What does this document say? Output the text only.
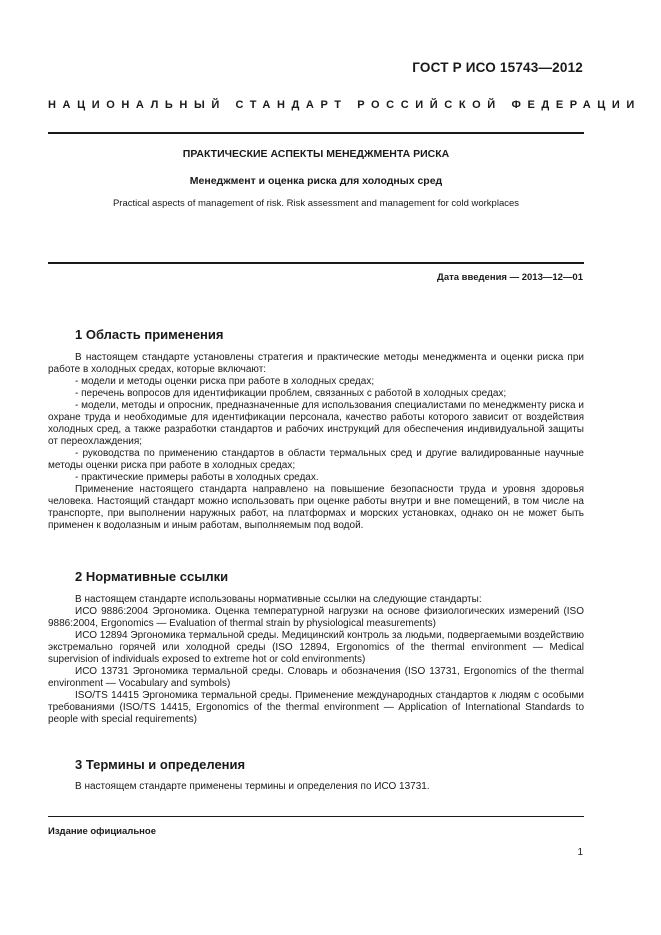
ГОСТ Р ИСО 15743—2012
НАЦИОНАЛЬНЫЙ СТАНДАРТ РОССИЙСКОЙ ФЕДЕРАЦИИ
ПРАКТИЧЕСКИЕ АСПЕКТЫ МЕНЕДЖМЕНТА РИСКА
Менеджмент и оценка риска для холодных сред
Practical aspects of management of risk. Risk assessment and management for cold workplaces
Дата введения — 2013—12—01
1 Область применения

В настоящем стандарте установлены стратегия и практические методы менеджмента и оценки риска при работе в холодных средах, которые включают:

- модели и методы оценки риска при работе в холодных средах;

- перечень вопросов для идентификации проблем, связанных с работой в холодных средах;

- модели, методы и опросник, предназначенные для использования специалистами по менеджменту риска и охране труда и необходимые для идентификации персонала, качество работы которого зависит от воздействия холодных сред, а также разработки стандартов и рабочих инструкций для обеспечения индивидуальной защиты от переохлаждения;

- руководства по применению стандартов в области термальных сред и другие валидированные научные методы оценки риска при работе в холодных средах;

- практические примеры работы в холодных средах.

Применение настоящего стандарта направлено на повышение безопасности труда и уровня здоровья человека. Настоящий стандарт можно использовать при оценке работы внутри и вне помещений, в том числе на транспорте, при выполнении наружных работ, на платформах и морских установках, однако он не может быть применен к водолазным и иным работам, выполняемым под водой.

2 Нормативные ссылки

В настоящем стандарте использованы нормативные ссылки на следующие стандарты:

ИСО 9886:2004 Эргономика. Оценка температурной нагрузки на основе физиологических измерений (ISO 9886:2004, Ergonomics — Evaluation of thermal strain by physiological measurements)

ИСО 12894 Эргономика термальной среды. Медицинский контроль за людьми, подвергаемыми воздействию экстремально горячей или холодной среды (ISO 12894, Ergonomics of the thermal environment — Medical supervision of individuals exposed to extreme hot or cold environments)

ИСО 13731 Эргономика термальной среды. Словарь и обозначения (ISO 13731, Ergonomics of the thermal environment — Vocabulary and symbols)

ISO/TS 14415 Эргономика термальной среды. Применение международных стандартов к людям с особыми требованиями (ISO/TS 14415, Ergonomics of the thermal environment — Application of International Standards to people with special requirements)

3 Термины и определения

В настоящем стандарте применены термины и определения по ИСО 13731.

Издание официальное
1
